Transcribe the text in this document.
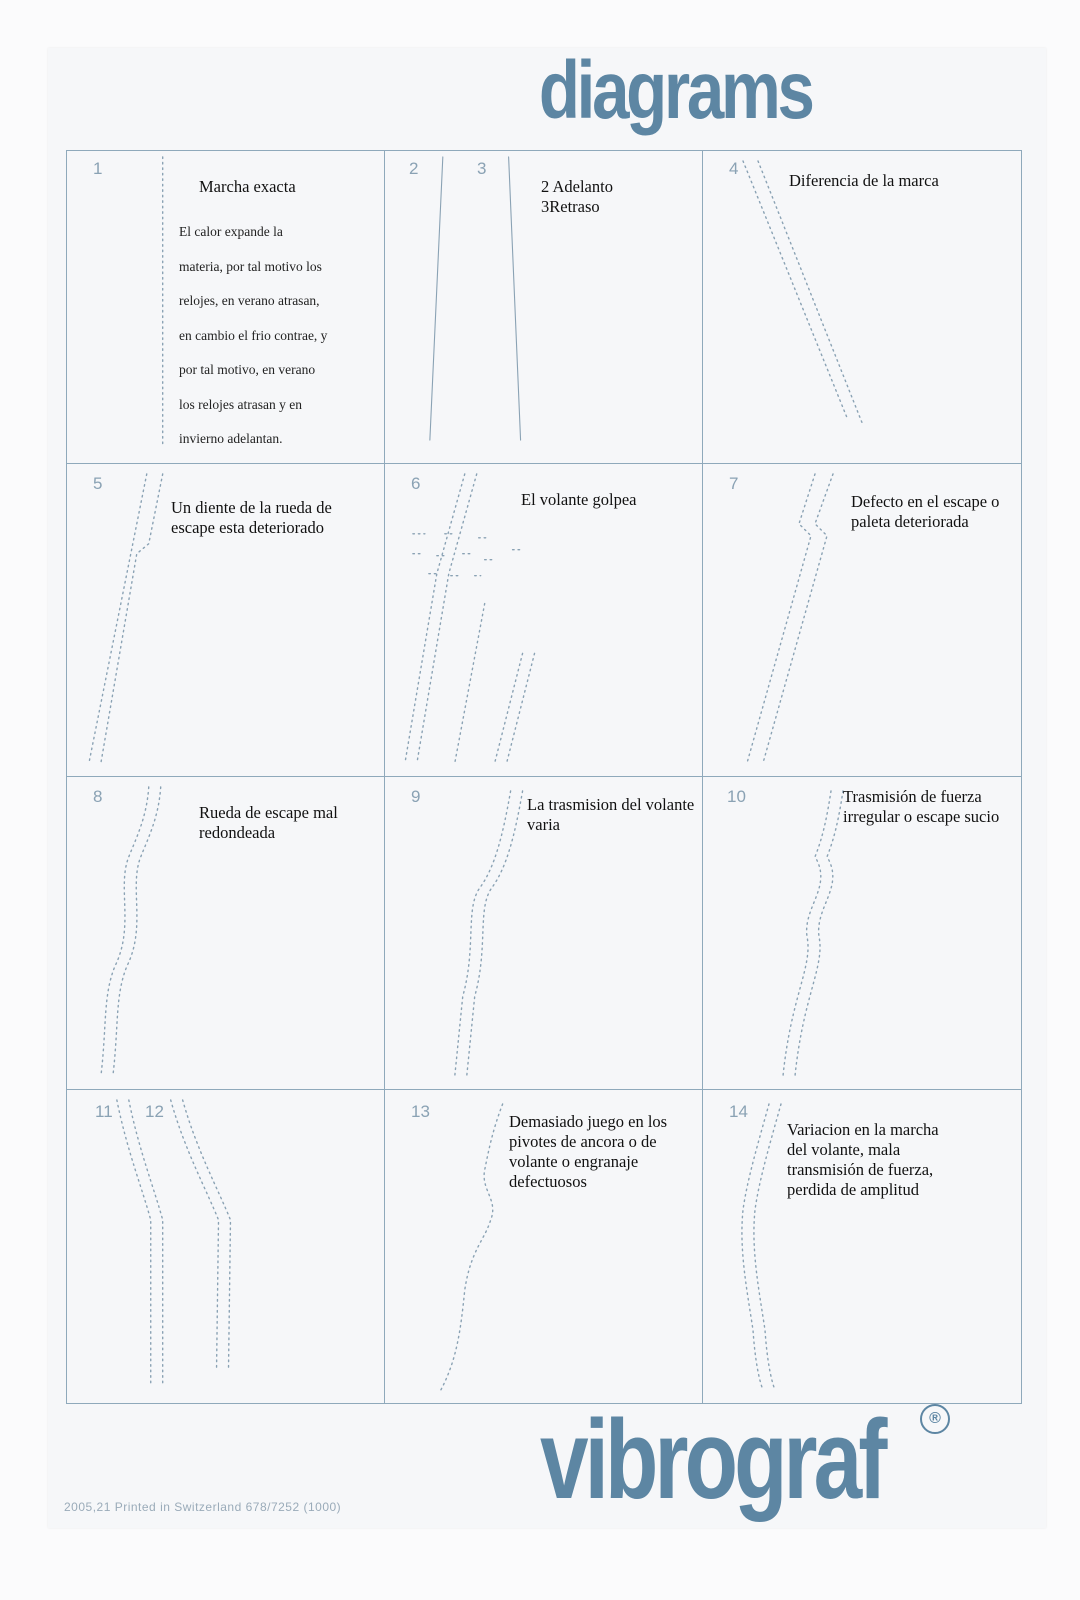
diagrams
1
Marcha exacta
El calor expande la
materia, por tal motivo los
relojes, en verano atrasan,
en cambio el frio contrae, y
por tal motivo, en verano
los relojes atrasan y en
invierno adelantan.
2	3
2 Adelanto
3Retraso
4
Diferencia de la marca
5
Un diente de la rueda de escape esta deteriorado
6
El volante golpea
7
Defecto en el escape o paleta deteriorada
8
Rueda de escape mal redondeada
9	La trasmision del volante varia
10	Trasmisión de fuerza irregular o escape sucio
11 12	13
Demasiado juego en los pivotes de ancora o de volante o engranaje defectuosos
14
Variacion en la marcha del volante, mala transmisión de fuerza, perdida de amplitud
vibrograf	®
2005,21 Printed in Switzerland 678/7252 (1000)
